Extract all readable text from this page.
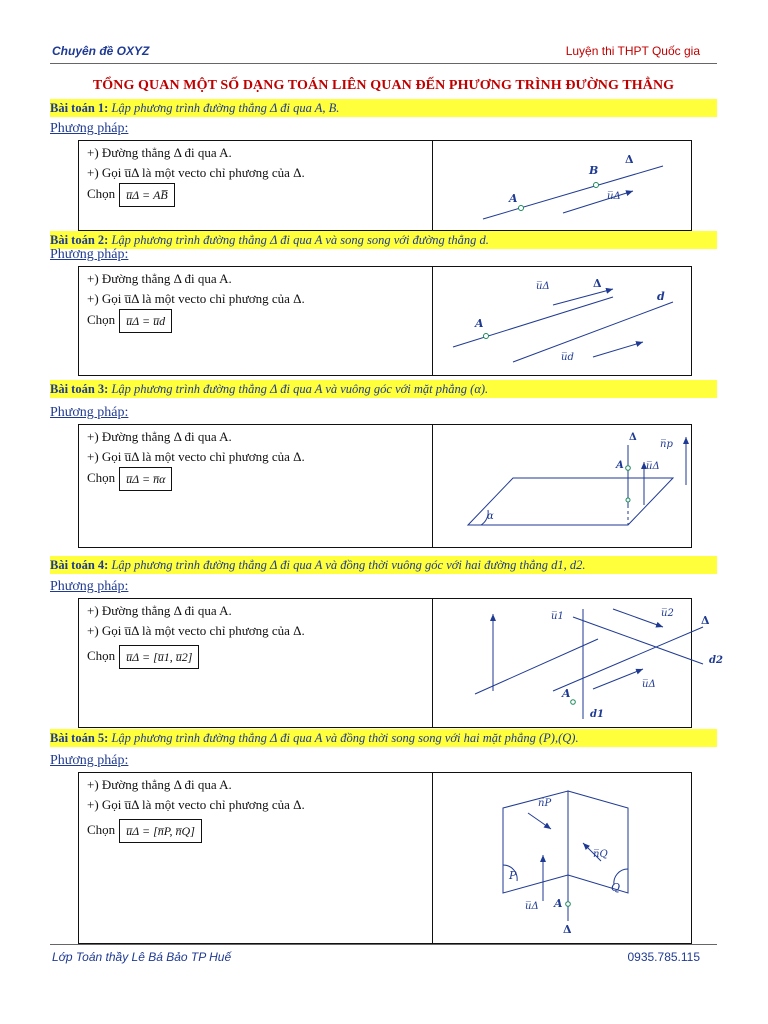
Chuyên đề OXYZ	Luyện thi THPT Quốc gia
TỔNG QUAN MỘT SỐ DẠNG TOÁN LIÊN QUAN ĐẾN PHƯƠNG TRÌNH ĐƯỜNG THẲNG
Bài toán 1: Lập phương trình đường thẳng Δ đi qua A, B.
Phương pháp:
+) Đường thẳng Δ đi qua A.
+) Gọi u̅Δ là một vecto chỉ phương của Δ.
Chọn u̅Δ = AB̅	A
B
Δ
u̅Δ
Bài toán 2: Lập phương trình đường thẳng Δ đi qua A và song song với đường thẳng d.
Phương pháp:
+) Đường thẳng Δ đi qua A.
+) Gọi u̅Δ là một vecto chỉ phương của Δ.
Chọn u̅Δ = u̅d	A
Δ
d
u̅Δ
u̅d
Bài toán 3: Lập phương trình đường thẳng Δ đi qua A và vuông góc với mặt phẳng (α).
Phương pháp:
+) Đường thẳng Δ đi qua A.
+) Gọi u̅Δ là một vecto chỉ phương của Δ.
Chọn u̅Δ = n̅α
Δ
A u̅Δ
n̅p
α
Bài toán 4: Lập phương trình đường thẳng Δ đi qua A và đồng thời vuông góc với hai đường thẳng d1, d2.
Phương pháp:
+) Đường thẳng Δ đi qua A.
+) Gọi u̅Δ là một vecto chỉ phương của Δ.
Chọn u̅Δ = [u̅1, u̅2]
A
u̅1	u̅2
Δ
u̅Δ
d2
d1
Bài toán 5: Lập phương trình đường thẳng Δ đi qua A và đồng thời song song với hai mặt phẳng (P),(Q).
Phương pháp:
+) Đường thẳng Δ đi qua A.
+) Gọi u̅Δ là một vecto chỉ phương của Δ.
Chọn u̅Δ = [n̅P, n̅Q]
n̅P
n̅Q
P
Q
u̅Δ A
Δ
Lớp Toán thầy Lê Bá Bảo TP Huế	0935.785.115
